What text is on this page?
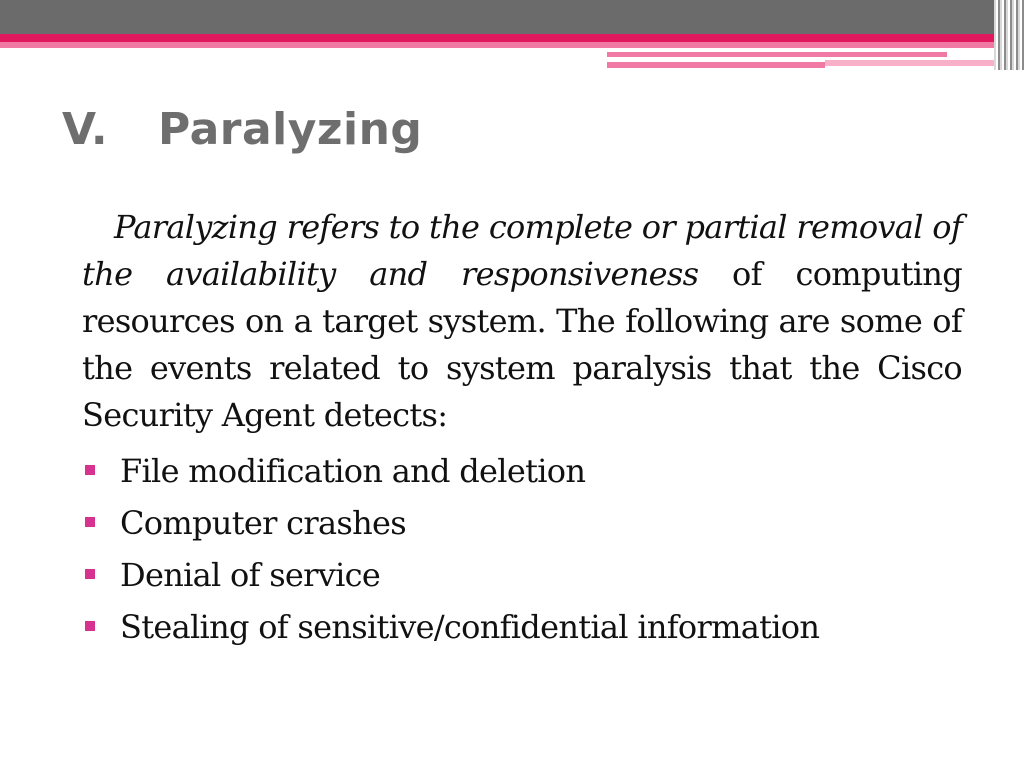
V. Paralyzing

Paralyzing refers to the complete or partial removal of the availability and responsiveness of computing resources on a target system. The following are some of the events related to system paralysis that the Cisco Security Agent detects:

File modification and deletion
Computer crashes
Denial of service
Stealing of sensitive/confidential information
